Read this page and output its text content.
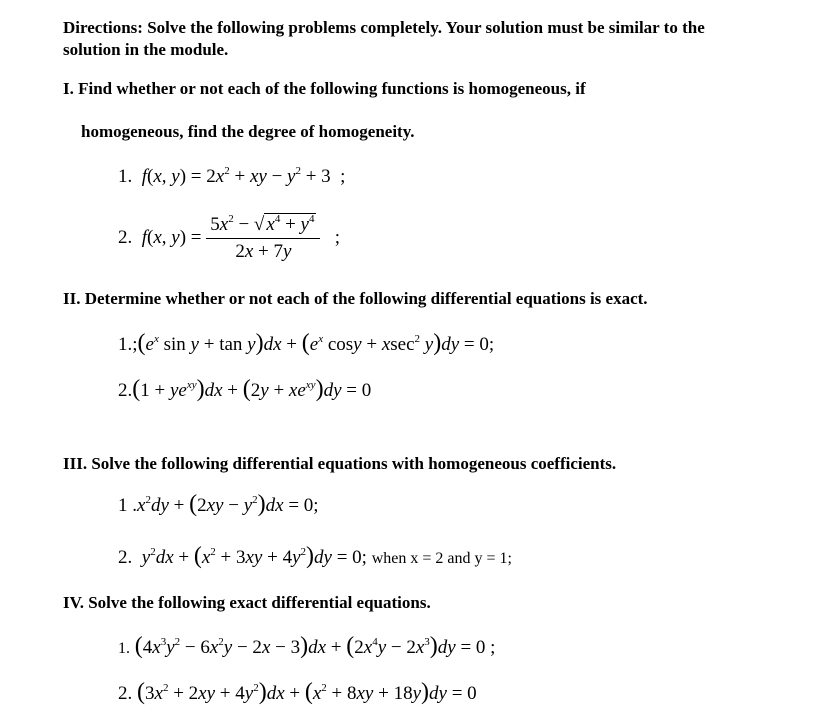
Directions: Solve the following problems completely. Your solution must be similar to the
solution in the module.
I. Find whether or not each of the following functions is homogeneous, if
homogeneous, find the degree of homogeneity.
1. f(x, $y) = 2x^2$ + xy − $y^2 + 3$  ;
2. f(x, $y) = \frac{5x^2 - √ x^4 + y^4}{2x + 7y}$ ;
II. Determine whether or not each of the following differential equations is exact.
$1.;(e^x$ $\sin y + \tan y)dx + (e^x$ cosy + xsec$^2$ y)dy = 0;
$2.(1 + ye^{xy})dx + (2y + xe^{xy})dy = 0$
III. Solve the following differential equations with homogeneous coefficients.
1 $.x^2dy + (2xy - y^2)dx = 0$;
2. $y^2dx + (x^2 + 3xy + 4y^2)dy = 0$; when x = 2 and y = 1;
IV. Solve the following exact differential equations.
1. $(4x^3y^2 - 6x^2y - 2x - 3)dx + (2x^4y - 2x^3)dy = 0$ ;
2. $(3x^2 + 2xy + 4y^2)dx + (x^2 + 8xy + 18y)dy = 0$
